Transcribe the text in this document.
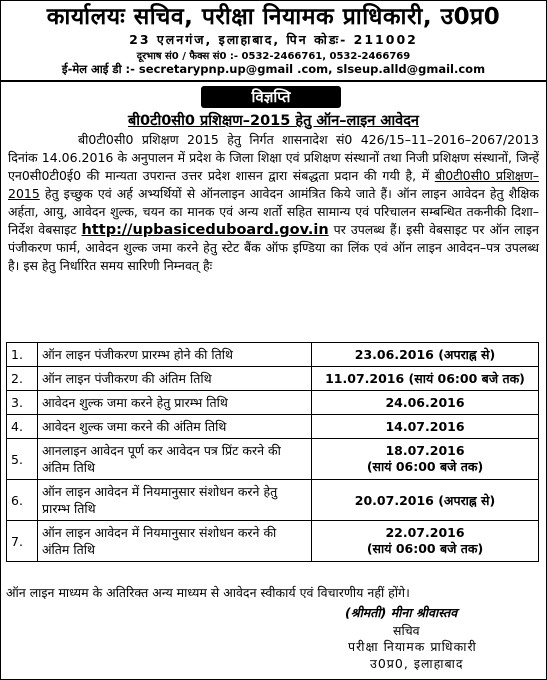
कार्यालयः सचिव, परीक्षा नियामक प्राधिकारी, उ0प्र0
23 एलनगंज, इलाहाबाद, पिन कोडः- 211002
दूरभाष सं0 / फैक्स सं0 :- 0532-2466761, 0532-2466769
ई-मेल आई डी :- secretarypnp.up@gmail .com, slseup.alld@gmail.com
विज्ञप्ति
बी0टी0सी0 प्रशिक्षण–2015 हेतु ऑन–लाइन आवेदन

बी0टी0सी0 प्रशिक्षण 2015 हेतु निर्गत शासनादेश सं0 426/15–11–2016–2067/2013 दिनांक 14.06.2016 के अनुपालन में प्रदेश के जिला शिक्षा एवं प्रशिक्षण संस्थानों तथा निजी प्रशिक्षण संस्थानों, जिन्हें एन0सी0टी0ई0 की मान्यता उपरान्त उत्तर प्रदेश शासन द्वारा संबद्धता प्रदान की गयी है, में बी0टी0सी0 प्रशिक्षण–2015 हेतु इच्छुक एवं अर्ह अभ्यर्थियों से ऑनलाइन आवेदन आमंत्रित किये जाते हैं। ऑन लाइन आवेदन हेतु शैक्षिक अर्हता, आयु, आवेदन शुल्क, चयन का मानक एवं अन्य शर्तो सहित सामान्य एवं परिचालन सम्बन्धित तकनीकी दिशा–निर्देश वेबसाइट http://upbasiceduboard.gov.in पर उपलब्ध हैं। इसी वेबसाइट पर ऑन लाइन पंजीकरण फार्म, आवेदन शुल्क जमा करने हेतु स्टेट बैंक ऑफ इण्डिया का लिंक एवं ऑन लाइन आवेदन–पत्र उपलब्ध है। इस हेतु निर्धारित समय सारिणी निम्नवत् हैः

1.	ऑन लाइन पंजीकरण प्रारम्भ होने की तिथि	23.06.2016 (अपराह्न से)
2.	ऑन लाइन पंजीकरण की अंतिम तिथि	11.07.2016 (सायं 06:00 बजे तक)
3.	आवेदन शुल्क जमा करने हेतु प्रारम्भ तिथि	24.06.2016
4.	आवेदन शुल्क जमा करने की अंतिम तिथि	14.07.2016
5.	आनलाइन आवेदन पूर्ण कर आवेदन पत्र प्रिंट करने की अंतिम तिथि	18.07.2016
(सायं 06:00 बजे तक)
6.	ऑन लाइन आवेदन में नियमानुसार संशोधन करने हेतु प्रारम्भ तिथि	20.07.2016 (अपराह्न से)
7.	ऑन लाइन आवेदन में नियमानुसार संशोधन करने की अंतिम तिथि	22.07.2016
(सायं 06:00 बजे तक)
ऑन लाइन माध्यम के अतिरिक्त अन्य माध्यम से आवेदन स्वीकार्य एवं विचारणीय नहीं होंगे।
(श्रीमती) मीना श्रीवास्तव
सचिव
परीक्षा नियामक प्राधिकारी
उ0प्र0, इलाहाबाद
